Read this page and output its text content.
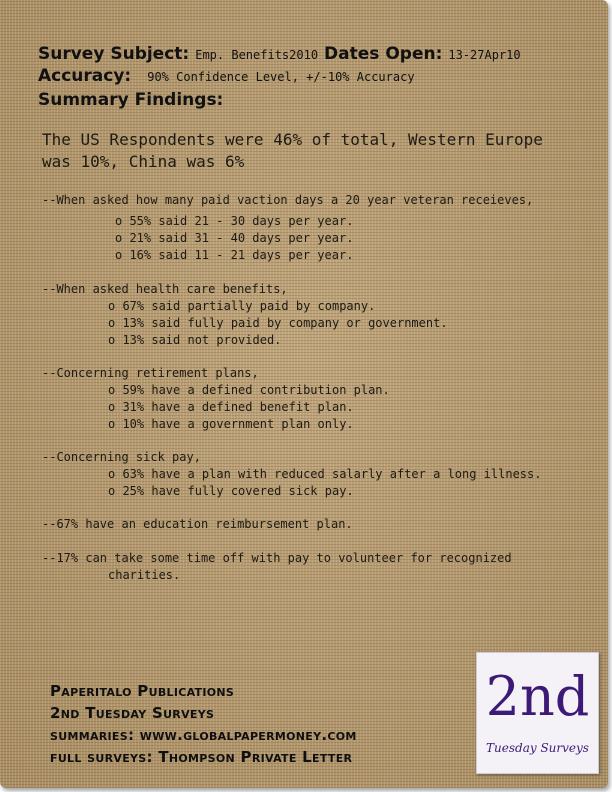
Survey Subject: Emp. Benefits2010 Dates Open: 13-27Apr10
Accuracy: 90% Confidence Level, +/-10% Accuracy
Summary Findings:
The US Respondents were 46% of total, Western Europe
was 10%, China was 6%
--When asked how many paid vaction days a 20 year veteran receieves,
o 55% said 21 - 30 days per year.
o 21% said 31 - 40 days per year.
o 16% said 11 - 21 days per year.
--When asked health care benefits,
o 67% said partially paid by company.
o 13% said fully paid by company or government.
o 13% said not provided.
--Concerning retirement plans,
o 59% have a defined contribution plan.
o 31% have a defined benefit plan.
o 10% have a government plan only.
--Concerning sick pay,
o 63% have a plan with reduced salarly after a long illness.
o 25% have fully covered sick pay.
--67% have an education reimbursement plan.
--17% can take some time off with pay to volunteer for recognized
charities.
Paperitalo Publications
2nd Tuesday Surveys
summaries: www.globalpapermoney.com
full surveys: Thompson Private Letter
2nd
Tuesday Surveys
